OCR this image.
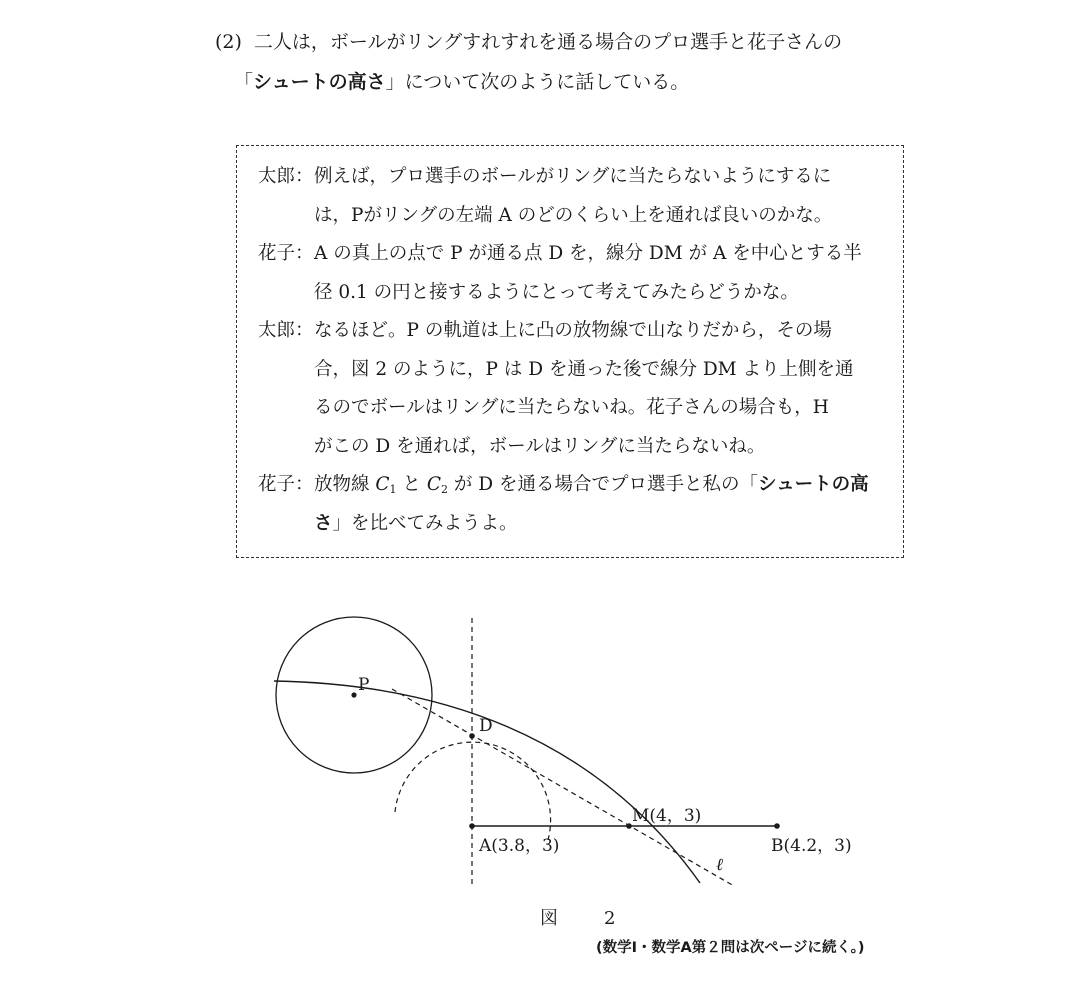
(2) 二人は，ボールがリングすれすれを通る場合のプロ選手と花子さんの
「シュートの高さ」について次のように話している。
太郎：例えば，プロ選手のボールがリングに当たらないようにするに
は，Pがリングの左端 A のどのくらい上を通れば良いのかな。
花子：A の真上の点で P が通る点 D を，線分 DM が A を中心とする半
径 0.1 の円と接するようにとって考えてみたらどうかな。
太郎：なるほど。P の軌道は上に凸の放物線で山なりだから，その場
合，図 2 のように，P は D を通った後で線分 DM より上側を通
るのでボールはリングに当たらないね。花子さんの場合も，H
がこの D を通れば，ボールはリングに当たらないね。
花子：放物線 $C_1$ と $C_2$ が D を通る場合でプロ選手と私の「シュートの高
さ」を比べてみようよ。
P
D
M(4，3)
A(3.8，3)	B(4.2，3)
ℓ
図　2
(数学Ⅰ・数学A第２問は次ページに続く。)
